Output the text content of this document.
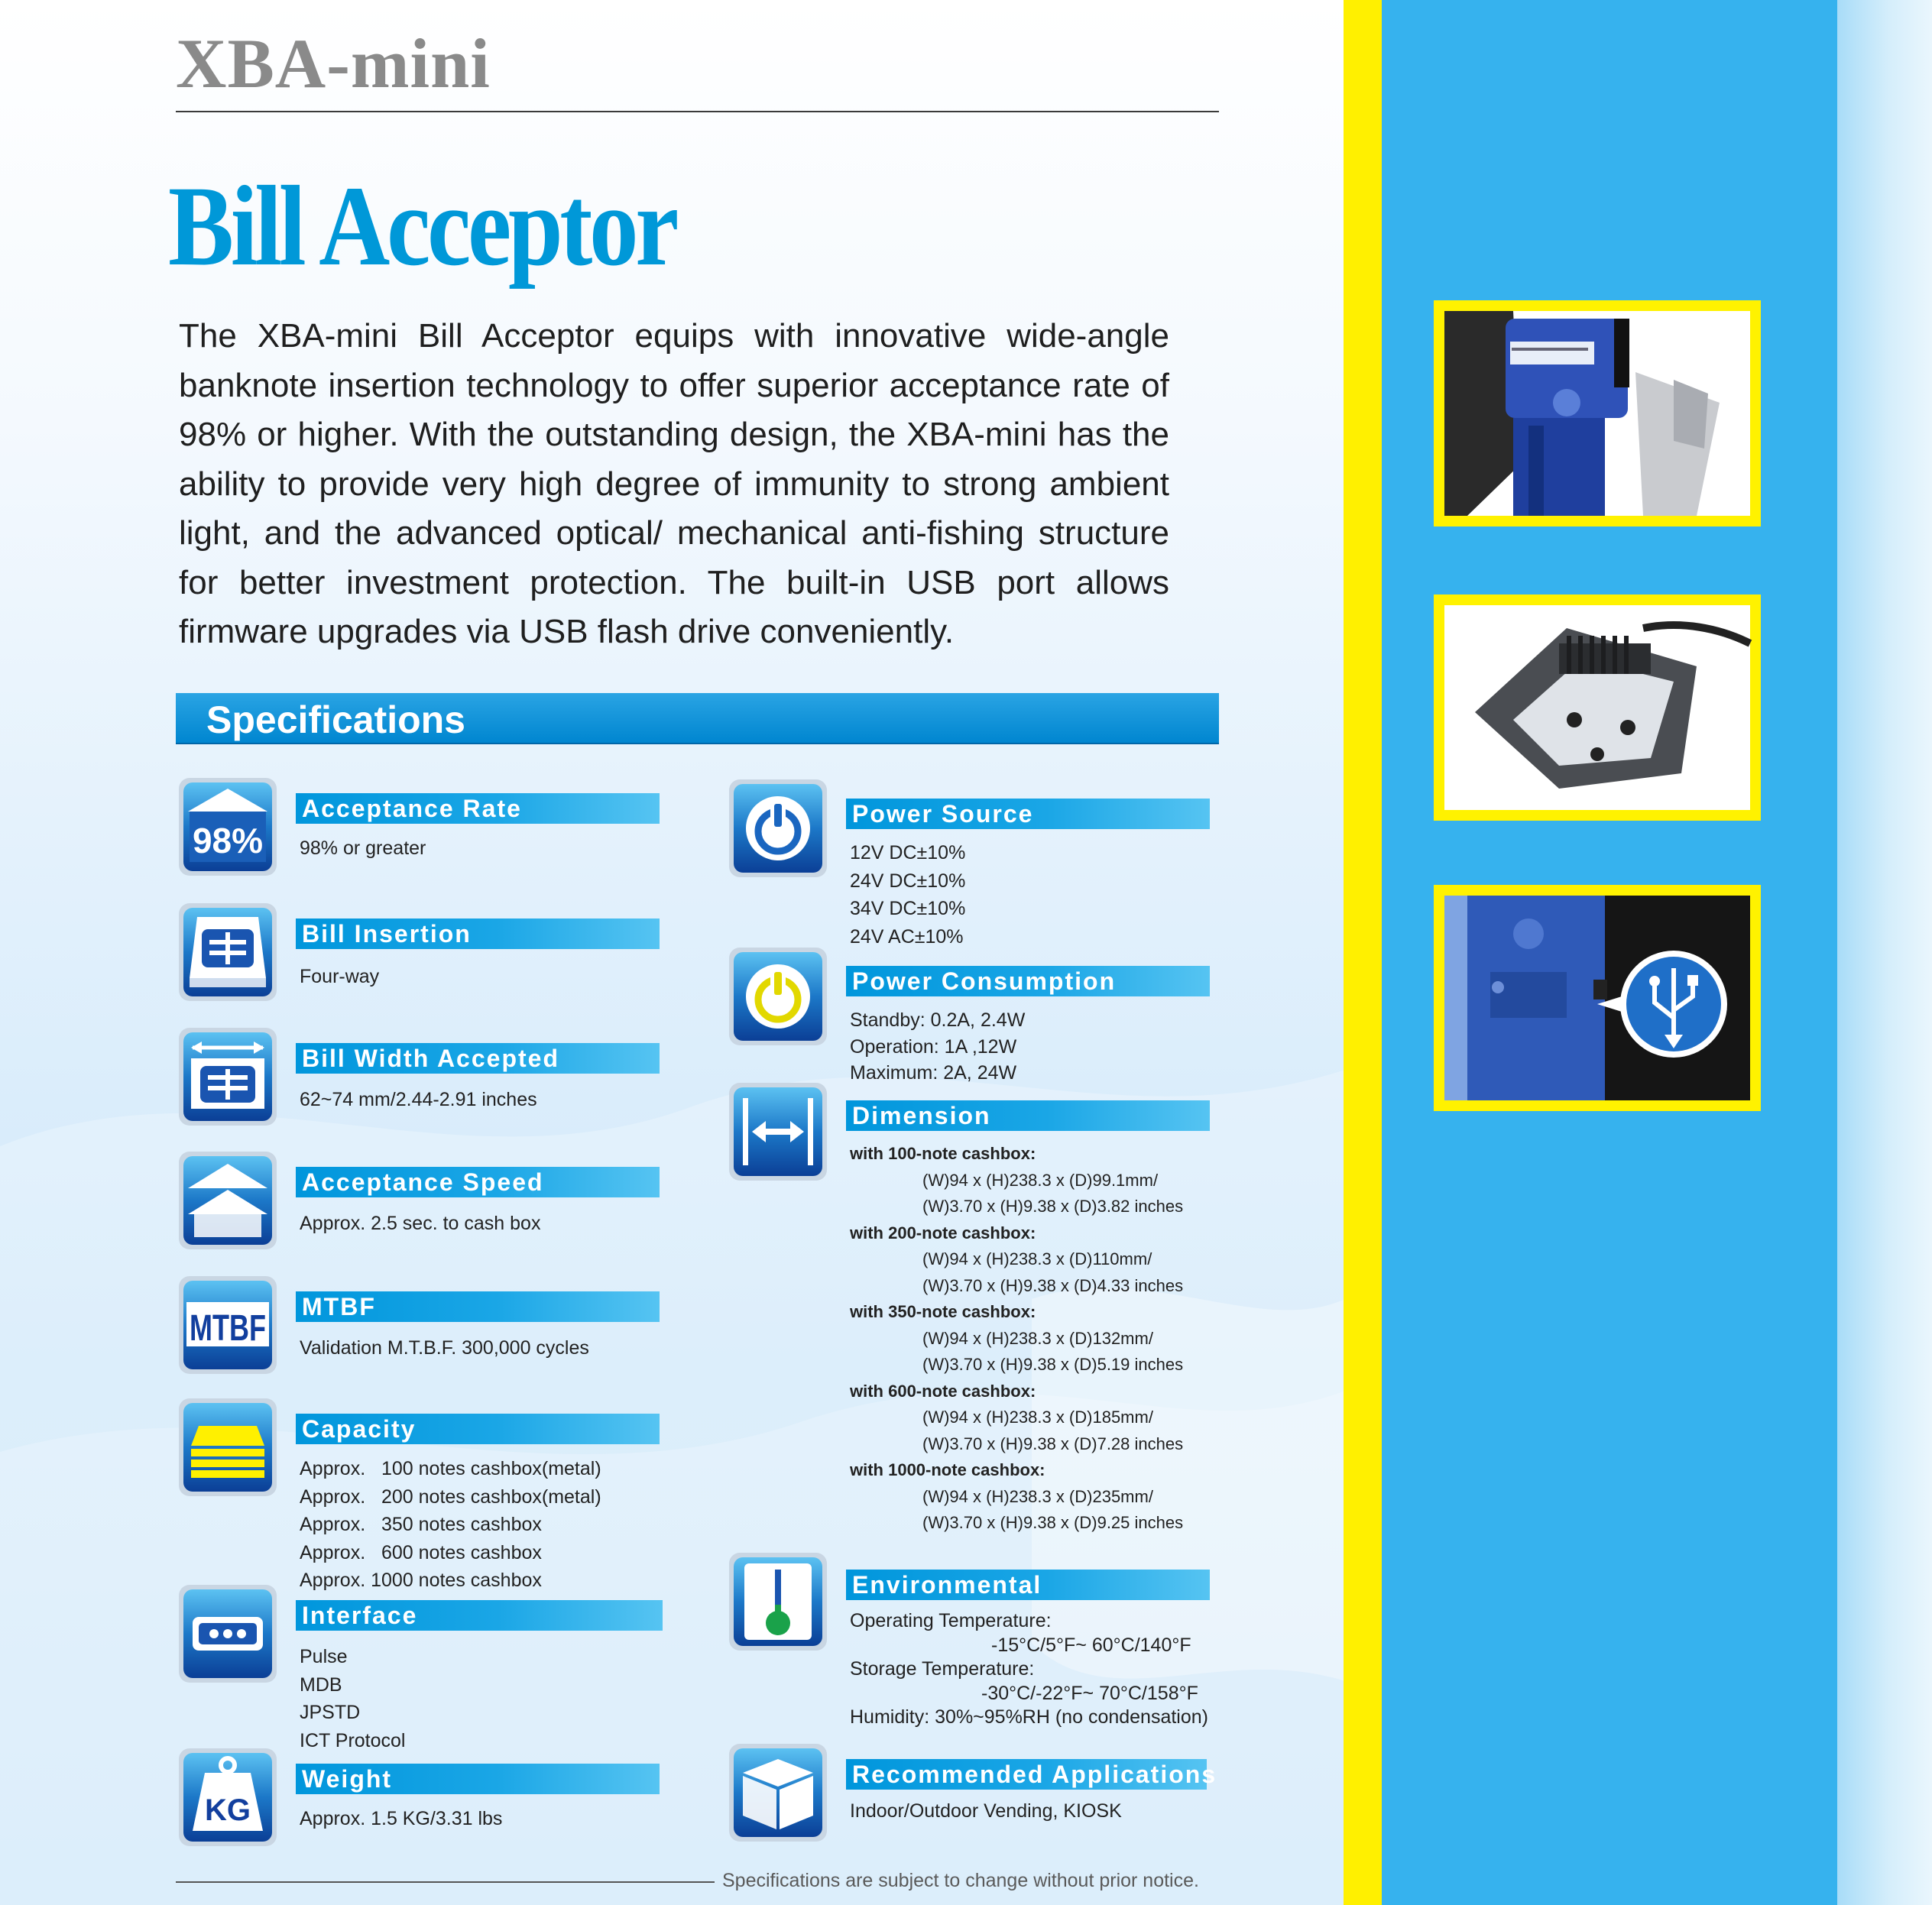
XBA-mini
Bill Acceptor

The XBA-mini Bill Acceptor equips with innovative wide-angle banknote insertion technology to offer superior acceptance rate of 98% or higher. With the outstanding design, the XBA-mini has the ability to provide very high degree of immunity to strong ambient light, and the advanced optical/ mechanical anti-fishing structure for better investment protection. The built-in USB port allows firmware upgrades via USB flash drive conveniently.

Specifications
98%
Acceptance Rate
98% or greater
Bill Insertion
Four-way
Bill Width Accepted
62~74 mm/2.44-2.91 inches
Acceptance Speed
Approx. 2.5 sec. to cash box
MTBF
MTBF
Validation M.T.B.F. 300,000 cycles
Capacity
Approx.   100 notes cashbox(metal)
Approx.   200 notes cashbox(metal)
Approx.   350 notes cashbox
Approx.   600 notes cashbox
Approx. 1000 notes cashbox
Interface
Pulse
MDB
JPSTD
ICT Protocol
KG
Weight
Approx. 1.5 KG/3.31 lbs
Power Source
12V DC±10%
24V DC±10%
34V DC±10%
24V AC±10%
Power Consumption
Standby: 0.2A, 2.4W
Operation: 1A ,12W
Maximum: 2A, 24W
Dimension
with 100-note cashbox:
(W)94 x (H)238.3 x (D)99.1mm/
(W)3.70 x (H)9.38 x (D)3.82 inches
with 200-note cashbox:
(W)94 x (H)238.3 x (D)110mm/
(W)3.70 x (H)9.38 x (D)4.33 inches
with 350-note cashbox:
(W)94 x (H)238.3 x (D)132mm/
(W)3.70 x (H)9.38 x (D)5.19 inches
with 600-note cashbox:
(W)94 x (H)238.3 x (D)185mm/
(W)3.70 x (H)9.38 x (D)7.28 inches
with 1000-note cashbox:
(W)94 x (H)238.3 x (D)235mm/
(W)3.70 x (H)9.38 x (D)9.25 inches
Environmental
Operating Temperature:
-15°C/5°F~ 60°C/140°F
Storage Temperature:
-30°C/-22°F~ 70°C/158°F
Humidity: 30%~95%RH (no condensation)
Recommended Applications
Indoor/Outdoor Vending, KIOSK
Specifications are subject to change without prior notice.
